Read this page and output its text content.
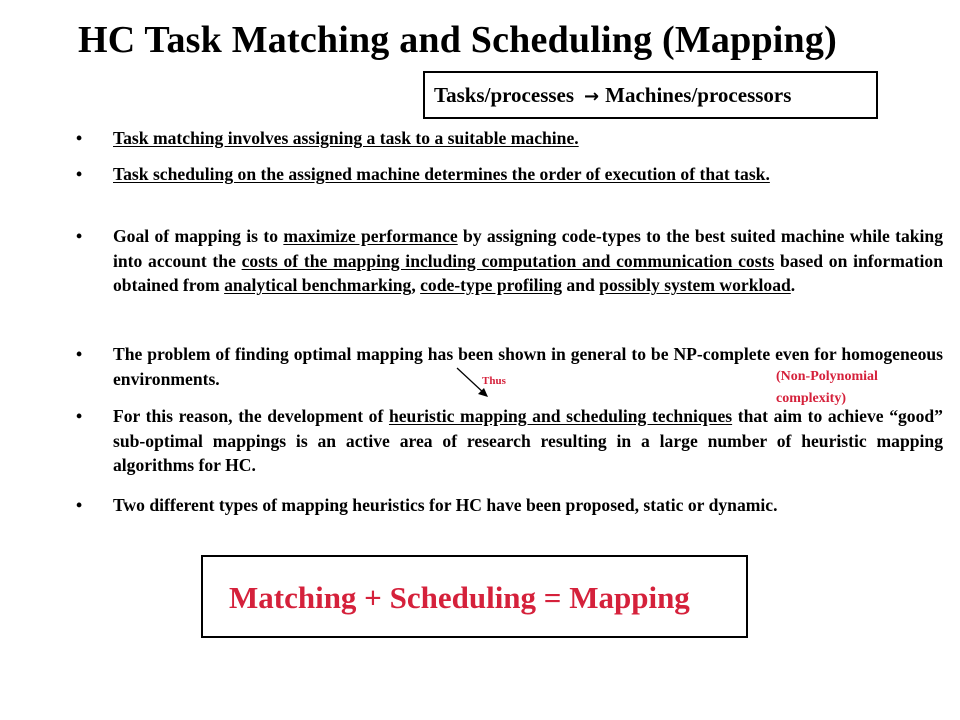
HC Task Matching and Scheduling (Mapping)
Tasks/processes → Machines/processors
• Task matching involves assigning a task to a suitable machine.
• Task scheduling on the assigned machine determines the order of execution of that task.
• Goal of mapping is to maximize performance by assigning code-types to the best suited machine while taking into account the costs of the mapping including computation and communication costs based on information obtained from analytical benchmarking, code-type profiling and possibly system workload.
• The problem of finding optimal mapping has been shown in general to be NP-complete even for homogeneous environments.
• For this reason, the development of heuristic mapping and scheduling techniques that aim to achieve “good” sub-optimal mappings is an active area of research resulting in a large number of heuristic mapping algorithms for HC.
• Two different types of mapping heuristics for HC have been proposed, static or dynamic.
Thus	(Non-Polynomial
complexity)
Matching + Scheduling = Mapping
